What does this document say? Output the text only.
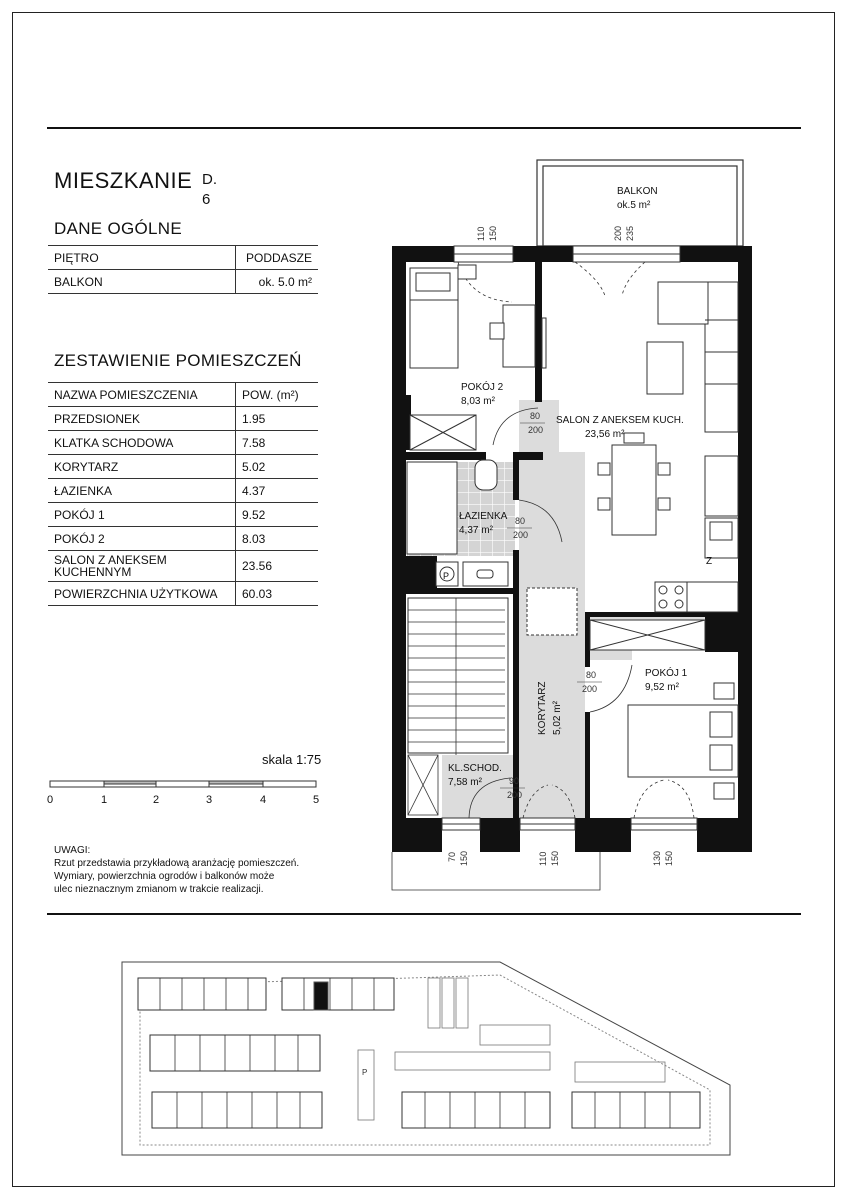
MIESZKANIE D.
6
DANE OGÓLNE
PIĘTRO	PODDASZE
BALKON	ok. 5.0 m²
ZESTAWIENIE POMIESZCZEŃ
NAZWA POMIESZCZENIA	POW. (m²)
PRZEDSIONEK	1.95
KLATKA SCHODOWA	7.58
KORYTARZ	5.02
ŁAZIENKA	4.37
POKÓJ 1	9.52
POKÓJ 2	8.03

SALON Z ANEKSEM
KUCHENNYM	23.56
POWIERZCHNIA UŻYTKOWA	60.03
skala 1:75
0	1	2	3	4	5
UWAGI:
Rzut przedstawia przykładową aranżację pomieszczeń.
Wymiary, powierzchnia ogrodów i balkonów może
ulec nieznacznym zmianom w trakcie realizacji.
BALKON
ok.5 m²
POKÓJ 2
8,03 m²
SALON Z ANEKSEM KUCH.
23,56 m²
ŁAZIENKA
4,37 m²
POKÓJ 1
9,52 m²
KL.SCHOD.
7,58 m²
KORYTARZ 5,02 m²
Z
P
80
200
80
200
80
200
90
200
110 150	200 235
70 150	110 150	130 150
P
